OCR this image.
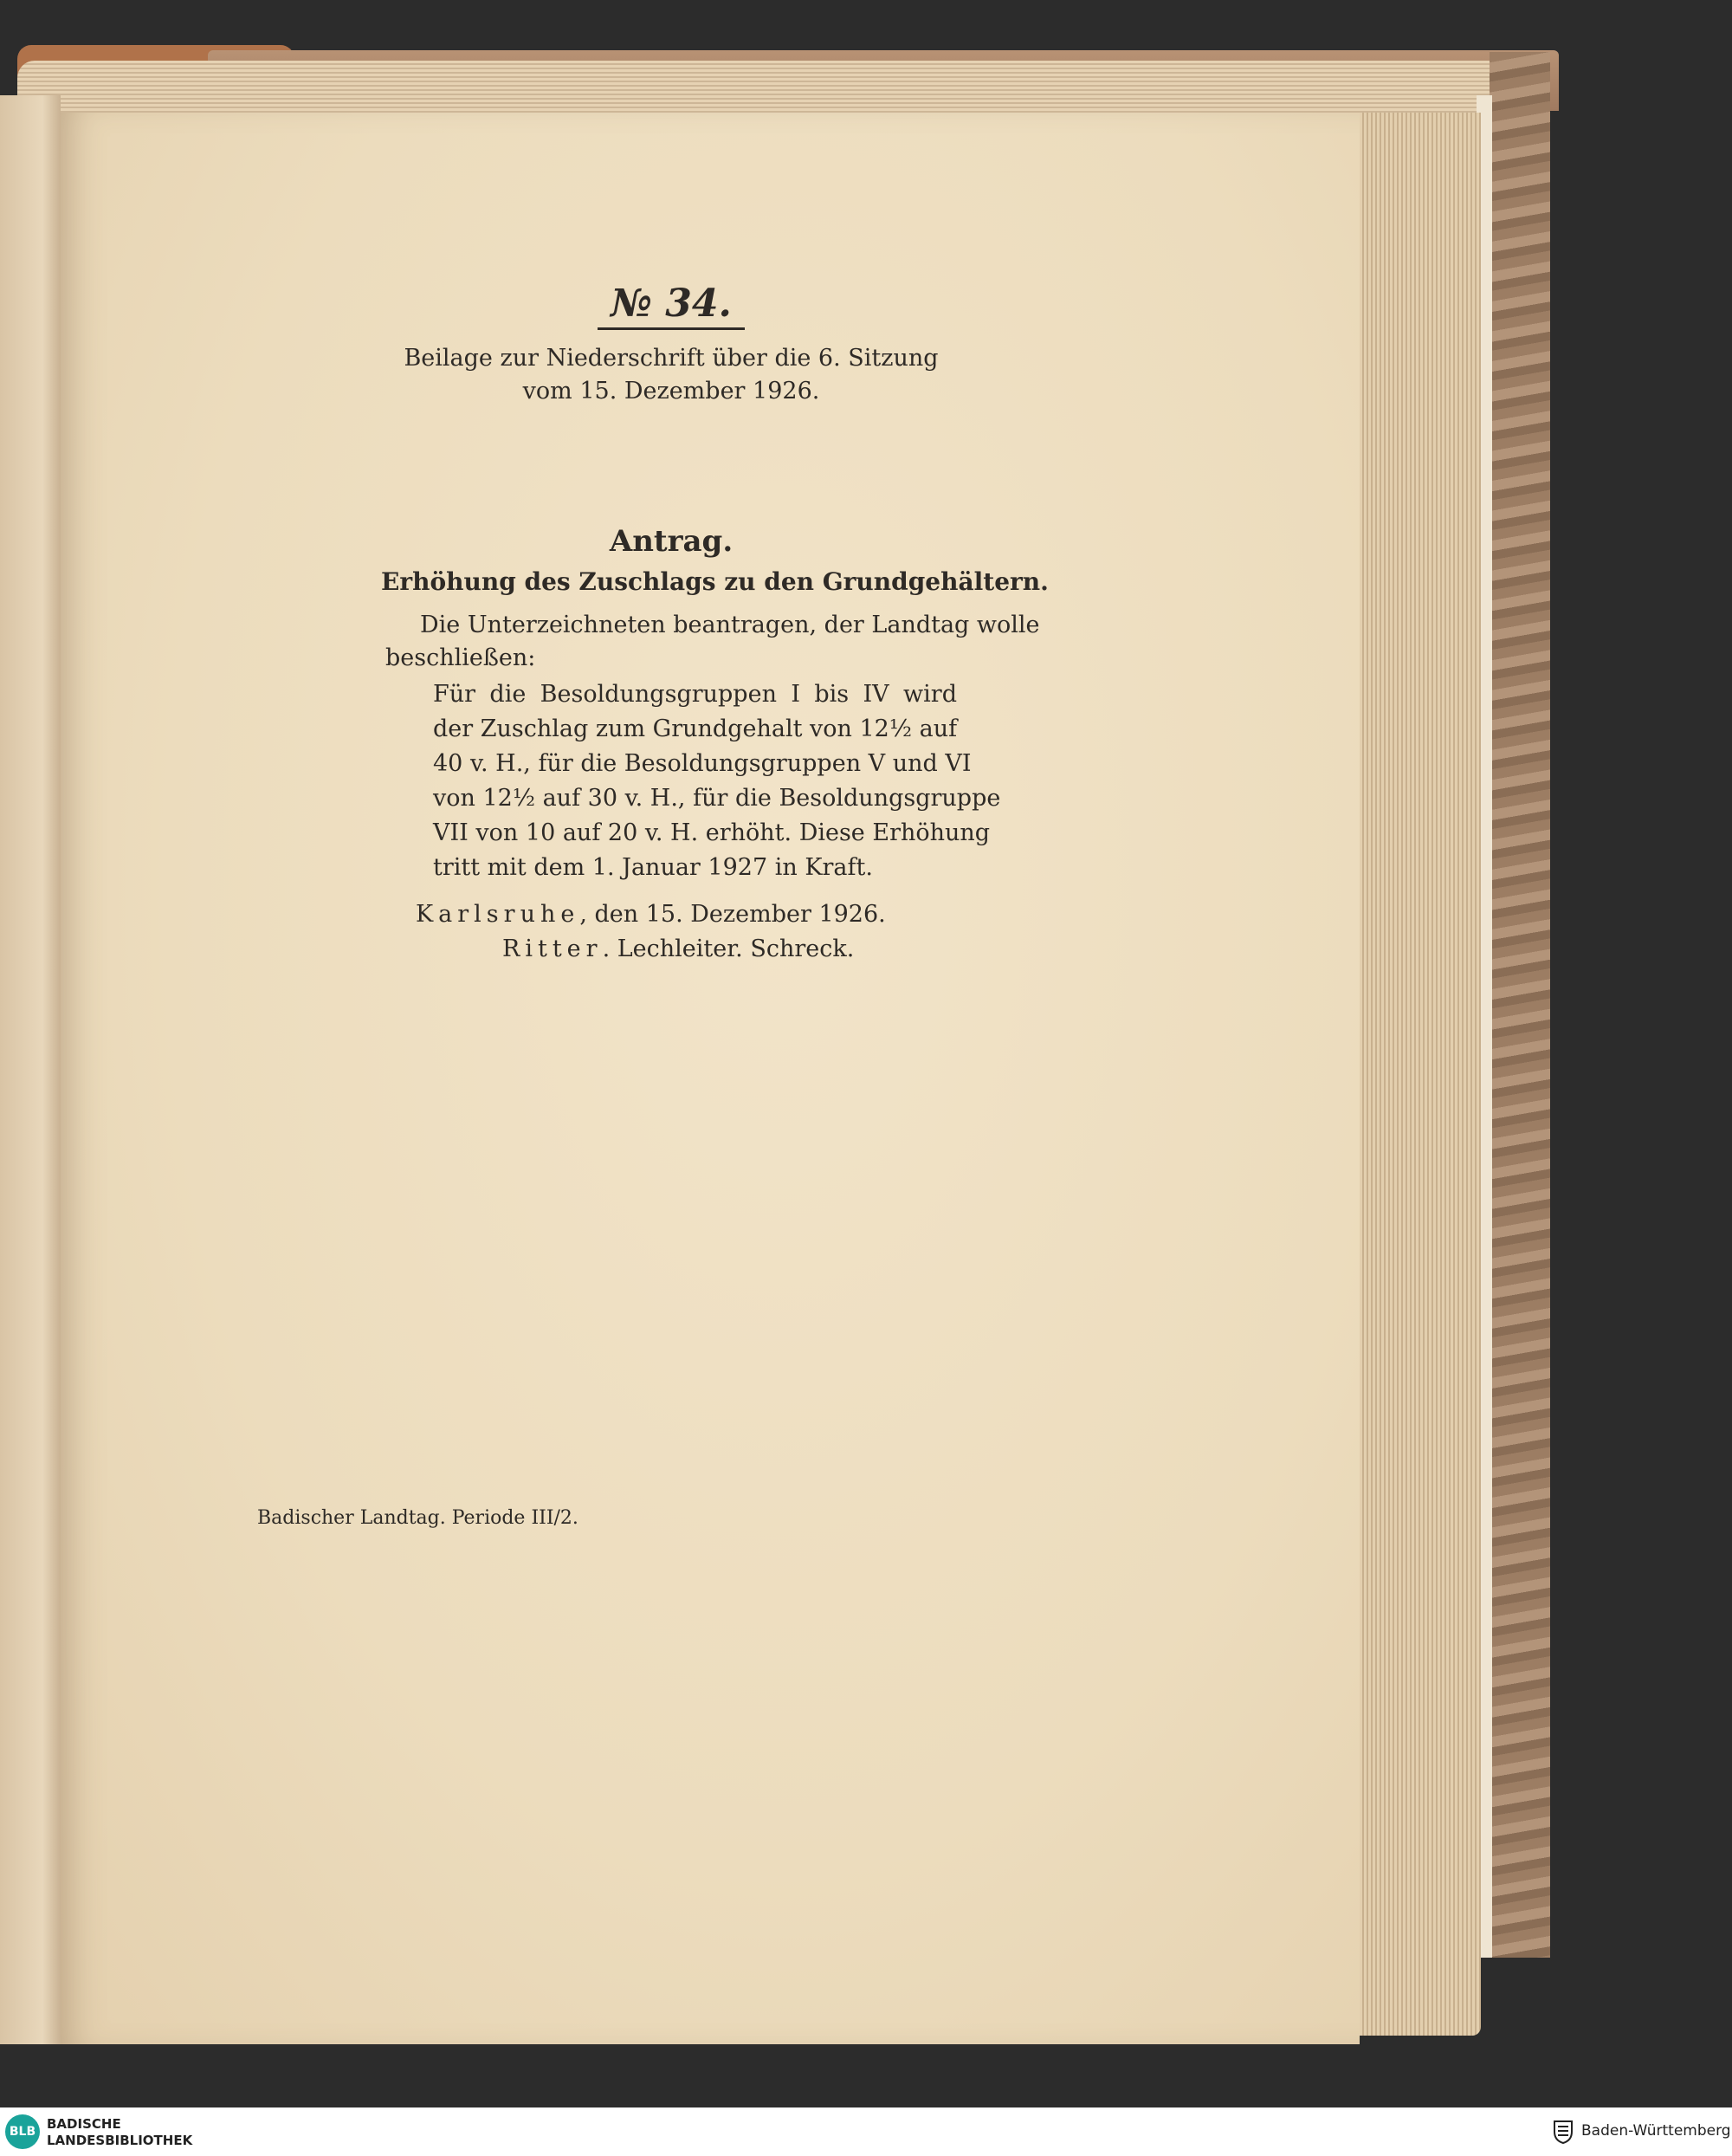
№ 34.
Beilage zur Niederschrift über die 6. Sitzung
vom 15. Dezember 1926.
Antrag.
Erhöhung des Zuschlags zu den Grundgehältern.
Die Unterzeichneten beantragen, der Landtag wolle
beschließen:
Für die Besoldungsgruppen I bis IV wird
der Zuschlag zum Grundgehalt von 12½ auf
40 v. H., für die Besoldungsgruppen V und VI
von 12½ auf 30 v. H., für die Besoldungsgruppe
VII von 10 auf 20 v. H. erhöht. Diese Erhöhung
tritt mit dem 1. Januar 1927 in Kraft.
Karlsruhe, den 15. Dezember 1926.
Ritter. Lechleiter. Schreck.
Badischer Landtag. Periode III/2.
BLB BADISCHE
LANDESBIBLIOTHEK
Baden-Württemberg
